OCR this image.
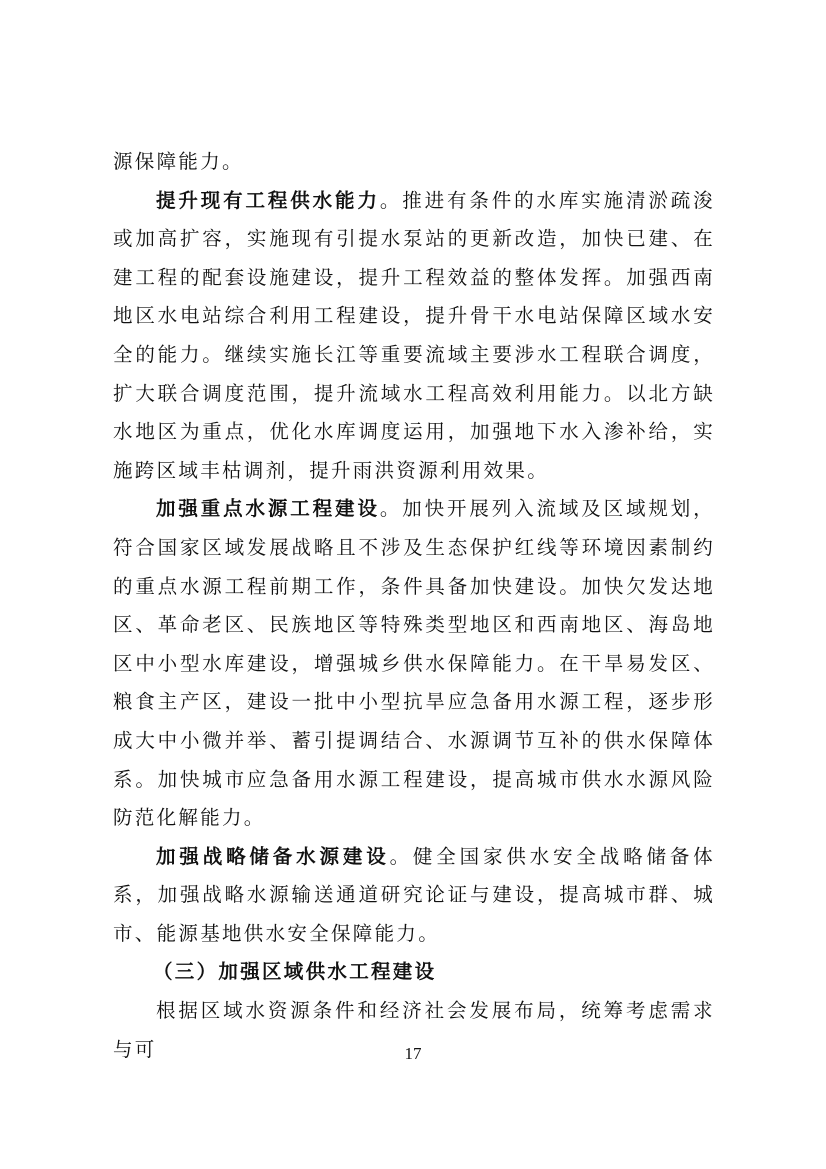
源保障能力。

提升现有工程供水能力。推进有条件的水库实施清淤疏浚或加高扩容，实施现有引提水泵站的更新改造，加快已建、在建工程的配套设施建设，提升工程效益的整体发挥。加强西南地区水电站综合利用工程建设，提升骨干水电站保障区域水安全的能力。继续实施长江等重要流域主要涉水工程联合调度，扩大联合调度范围，提升流域水工程高效利用能力。以北方缺水地区为重点，优化水库调度运用，加强地下水入渗补给，实施跨区域丰枯调剂，提升雨洪资源利用效果。

加强重点水源工程建设。加快开展列入流域及区域规划，符合国家区域发展战略且不涉及生态保护红线等环境因素制约的重点水源工程前期工作，条件具备加快建设。加快欠发达地区、革命老区、民族地区等特殊类型地区和西南地区、海岛地区中小型水库建设，增强城乡供水保障能力。在干旱易发区、粮食主产区，建设一批中小型抗旱应急备用水源工程，逐步形成大中小微并举、蓄引提调结合、水源调节互补的供水保障体系。加快城市应急备用水源工程建设，提高城市供水水源风险防范化解能力。

加强战略储备水源建设。健全国家供水安全战略储备体系，加强战略水源输送通道研究论证与建设，提高城市群、城市、能源基地供水安全保障能力。

（三）加强区域供水工程建设

根据区域水资源条件和经济社会发展布局，统筹考虑需求与可	17
